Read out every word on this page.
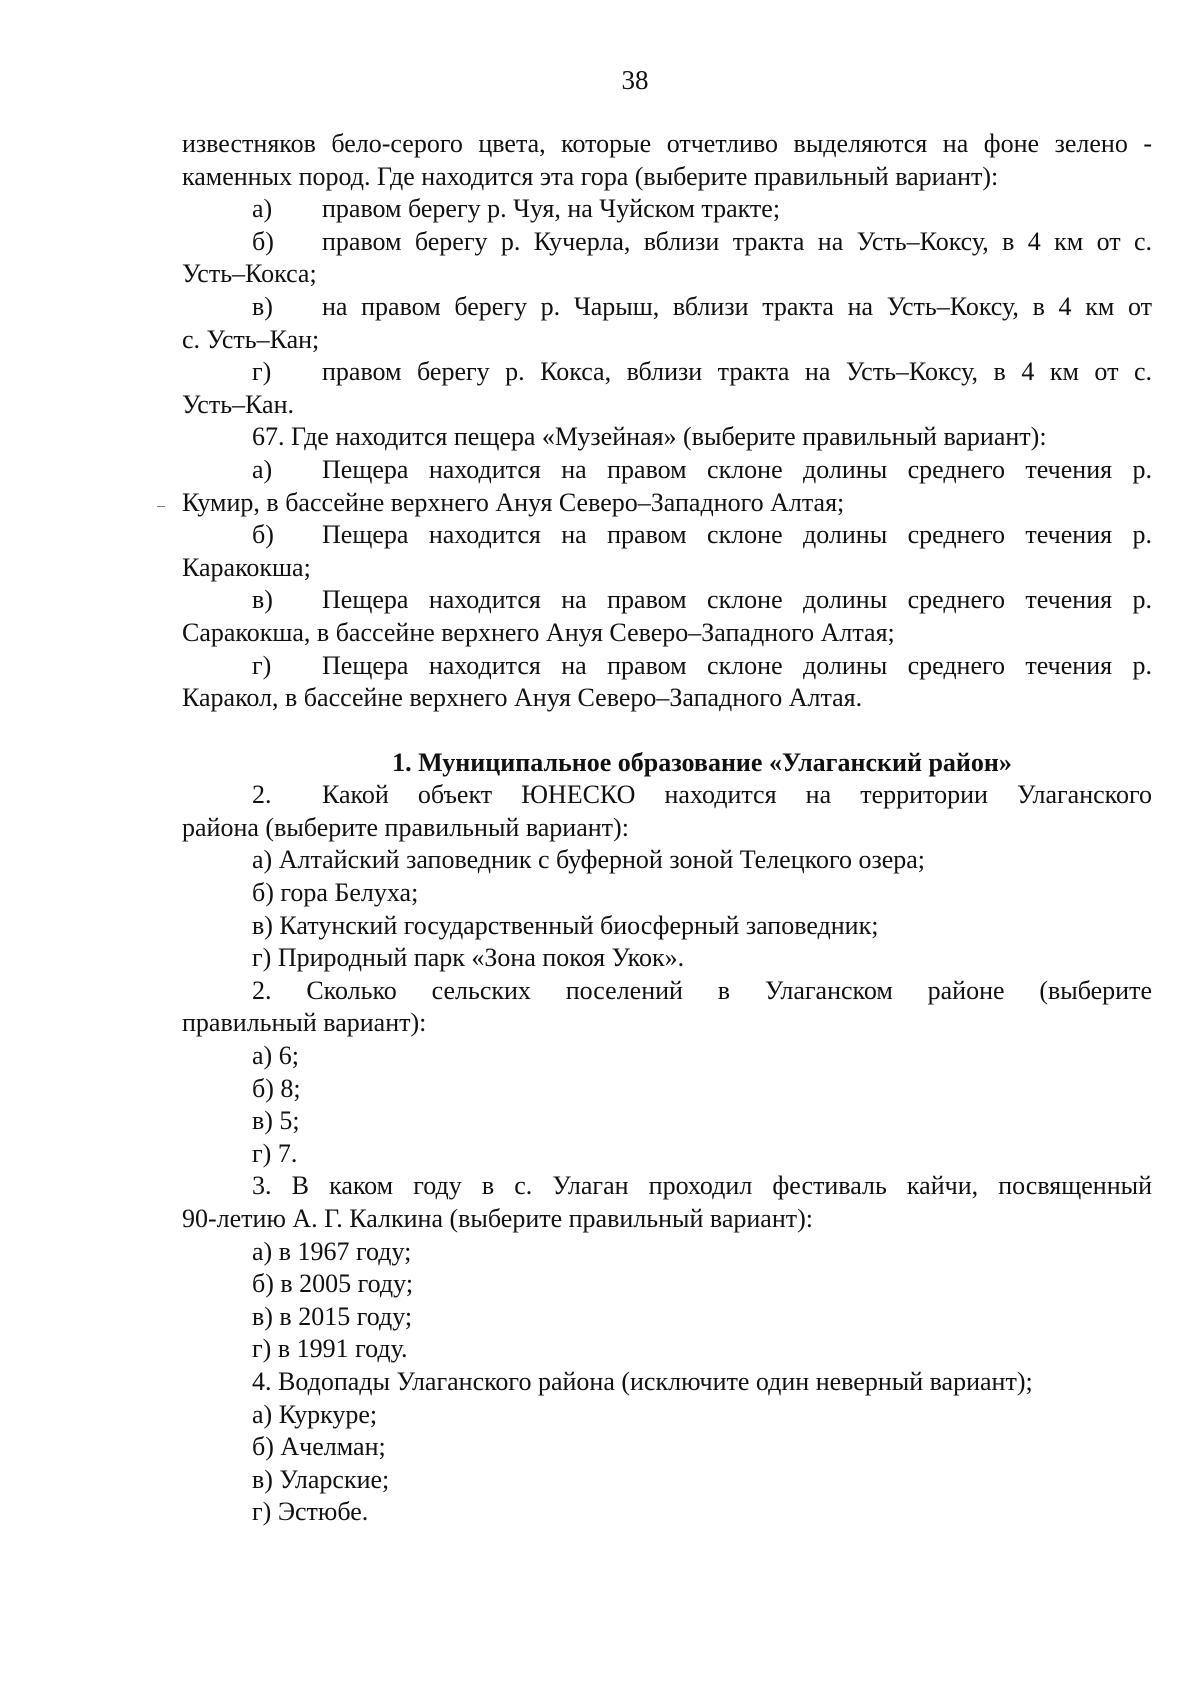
38
известняков бело-серого цвета, которые отчетливо выделяются на фоне зелено -
каменных пород. Где находится эта гора (выберите правильный вариант):
а)	правом берегу р. Чуя, на Чуйском тракте;
б)	правом берегу р. Кучерла, вблизи тракта на Усть–Коксу, в 4 км от с.
Усть–Кокса;
в)	на правом берегу р. Чарыш, вблизи тракта на Усть–Коксу, в 4 км от
с. Усть–Кан;
г)	правом берегу р. Кокса, вблизи тракта на Усть–Коксу, в 4 км от с.
Усть–Кан.
67. Где находится пещера «Музейная» (выберите правильный вариант):
а)	Пещера находится на правом склоне долины среднего течения р.
Кумир, в бассейне верхнего Ануя Северо–Западного Алтая;
б)	Пещера находится на правом склоне долины среднего течения р.
Каракокша;
в)	Пещера находится на правом склоне долины среднего течения р.
Саракокша, в бассейне верхнего Ануя Северо–Западного Алтая;
г)	Пещера находится на правом склоне долины среднего течения р.
Каракол, в бассейне верхнего Ануя Северо–Западного Алтая.
1. Муниципальное образование «Улаганский район»
2.	Какой объект ЮНЕСКО находится на территории Улаганского
района (выберите правильный вариант):
а) Алтайский заповедник с буферной зоной Телецкого озера;
б) гора Белуха;
в) Катунский государственный биосферный заповедник;
г) Природный парк «Зона покоя Укок».
2. Сколько сельских поселений в Улаганском районе (выберите
правильный вариант):
а) 6;
б) 8;
в) 5;
г) 7.
3. В каком году в с. Улаган проходил фестиваль кайчи, посвященный
90-летию А. Г. Калкина (выберите правильный вариант):
а) в 1967 году;
б) в 2005 году;
в) в 2015 году;
г) в 1991 году.
4. Водопады Улаганского района (исключите один неверный вариант);
а) Куркуре;
б) Ачелман;
в) Уларские;
г) Эстюбе.
